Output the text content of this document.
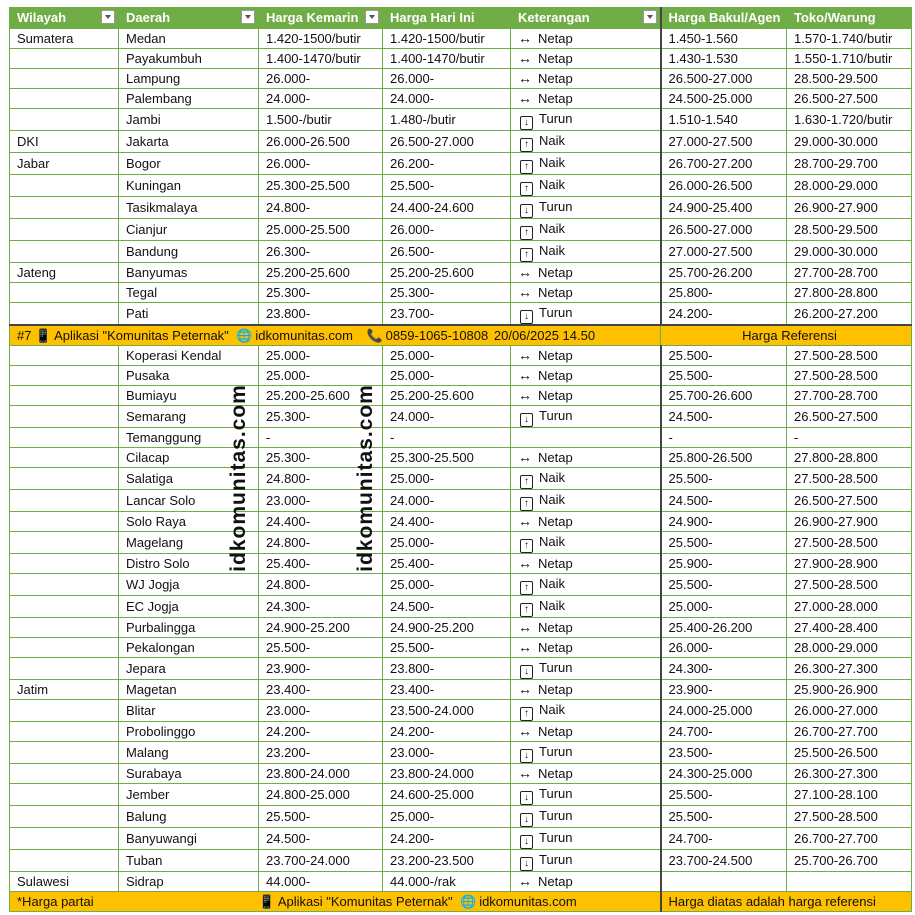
Wilayah	Daerah	Harga Kemarin	Harga Hari Ini	Keterangan	Harga Bakul/Agen	Toko/Warung
Sumatera	Medan	1.420-1500/butir	1.420-1500/butir	↔ Netap	1.450-1.560	1.570-1.740/butir
	Payakumbuh	1.400-1470/butir	1.400-1470/butir	↔ Netap	1.430-1.530	1.550-1.710/butir
	Lampung	26.000-	26.000-	↔ Netap	26.500-27.000	28.500-29.500
	Palembang	24.000-	24.000-	↔ Netap	24.500-25.000	26.500-27.500
	Jambi	1.500-/butir	1.480-/butir	↓ Turun	1.510-1.540	1.630-1.720/butir
DKI	Jakarta	26.000-26.500	26.500-27.000	↑ Naik	27.000-27.500	29.000-30.000
Jabar	Bogor	26.000-	26.200-	↑ Naik	26.700-27.200	28.700-29.700
	Kuningan	25.300-25.500	25.500-	↑ Naik	26.000-26.500	28.000-29.000
	Tasikmalaya	24.800-	24.400-24.600	↓ Turun	24.900-25.400	26.900-27.900
	Cianjur	25.000-25.500	26.000-	↑ Naik	26.500-27.000	28.500-29.500
	Bandung	26.300-	26.500-	↑ Naik	27.000-27.500	29.000-30.000
Jateng	Banyumas	25.200-25.600	25.200-25.600	↔ Netap	25.700-26.200	27.700-28.700
	Tegal	25.300-	25.300-	↔ Netap	25.800-	27.800-28.800
	Pati	23.800-	23.700-	↓ Turun	24.200-	26.200-27.200
#7 📱 Aplikasi "Komunitas Peternak" 🌐 idkomunitas.com 📞 0859-1065-10808 20/06/2025 14.50					Harga Referensi	
	Koperasi Kendal	25.000-	25.000-	↔ Netap	25.500-	27.500-28.500
	Pusaka	25.000-	25.000-	↔ Netap	25.500-	27.500-28.500
	Bumiayu	25.200-25.600	25.200-25.600	↔ Netap	25.700-26.600	27.700-28.700
	Semarang	25.300-	24.000-	↓ Turun	24.500-	26.500-27.500
	Temanggung	-	-		-	-
	Cilacap	25.300-	25.300-25.500	↔ Netap	25.800-26.500	27.800-28.800
	Salatiga	24.800-	25.000-	↑ Naik	25.500-	27.500-28.500
	Lancar Solo	23.000-	24.000-	↑ Naik	24.500-	26.500-27.500
	Solo Raya	24.400-	24.400-	↔ Netap	24.900-	26.900-27.900
	Magelang	24.800-	25.000-	↑ Naik	25.500-	27.500-28.500
	Distro Solo	25.400-	25.400-	↔ Netap	25.900-	27.900-28.900
	WJ Jogja	24.800-	25.000-	↑ Naik	25.500-	27.500-28.500
	EC Jogja	24.300-	24.500-	↑ Naik	25.000-	27.000-28.000
	Purbalingga	24.900-25.200	24.900-25.200	↔ Netap	25.400-26.200	27.400-28.400
	Pekalongan	25.500-	25.500-	↔ Netap	26.000-	28.000-29.000
	Jepara	23.900-	23.800-	↓ Turun	24.300-	26.300-27.300
Jatim	Magetan	23.400-	23.400-	↔ Netap	23.900-	25.900-26.900
	Blitar	23.000-	23.500-24.000	↑ Naik	24.000-25.000	26.000-27.000
	Probolinggo	24.200-	24.200-	↔ Netap	24.700-	26.700-27.700
	Malang	23.200-	23.000-	↓ Turun	23.500-	25.500-26.500
	Surabaya	23.800-24.000	23.800-24.000	↔ Netap	24.300-25.000	26.300-27.300
	Jember	24.800-25.000	24.600-25.000	↓ Turun	25.500-	27.100-28.100
	Balung	25.500-	25.000-	↓ Turun	25.500-	27.500-28.500
	Banyuwangi	24.500-	24.200-	↓ Turun	24.700-	26.700-27.700
	Tuban	23.700-24.000	23.200-23.500	↓ Turun	23.700-24.500	25.700-26.700
Sulawesi	Sidrap	44.000-	44.000-/rak	↔ Netap		
*Harga partai 📱 Aplikasi "Komunitas Peternak" 🌐 idkomunitas.com					Harga diatas adalah harga referensi	
idkomunitas.com	idkomunitas.com
